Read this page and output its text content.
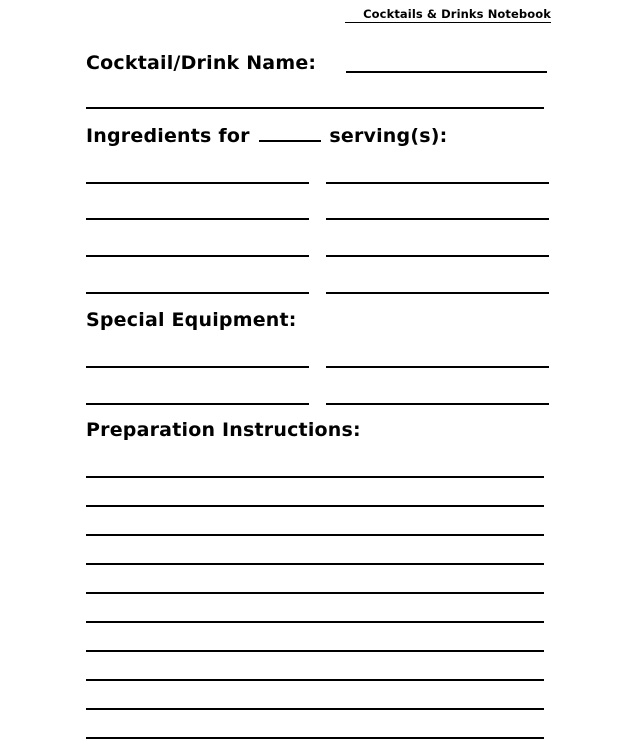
Cocktails & Drinks Notebook
Cocktail/Drink Name:
Ingredients for	serving(s):
Special Equipment:
Preparation Instructions:
